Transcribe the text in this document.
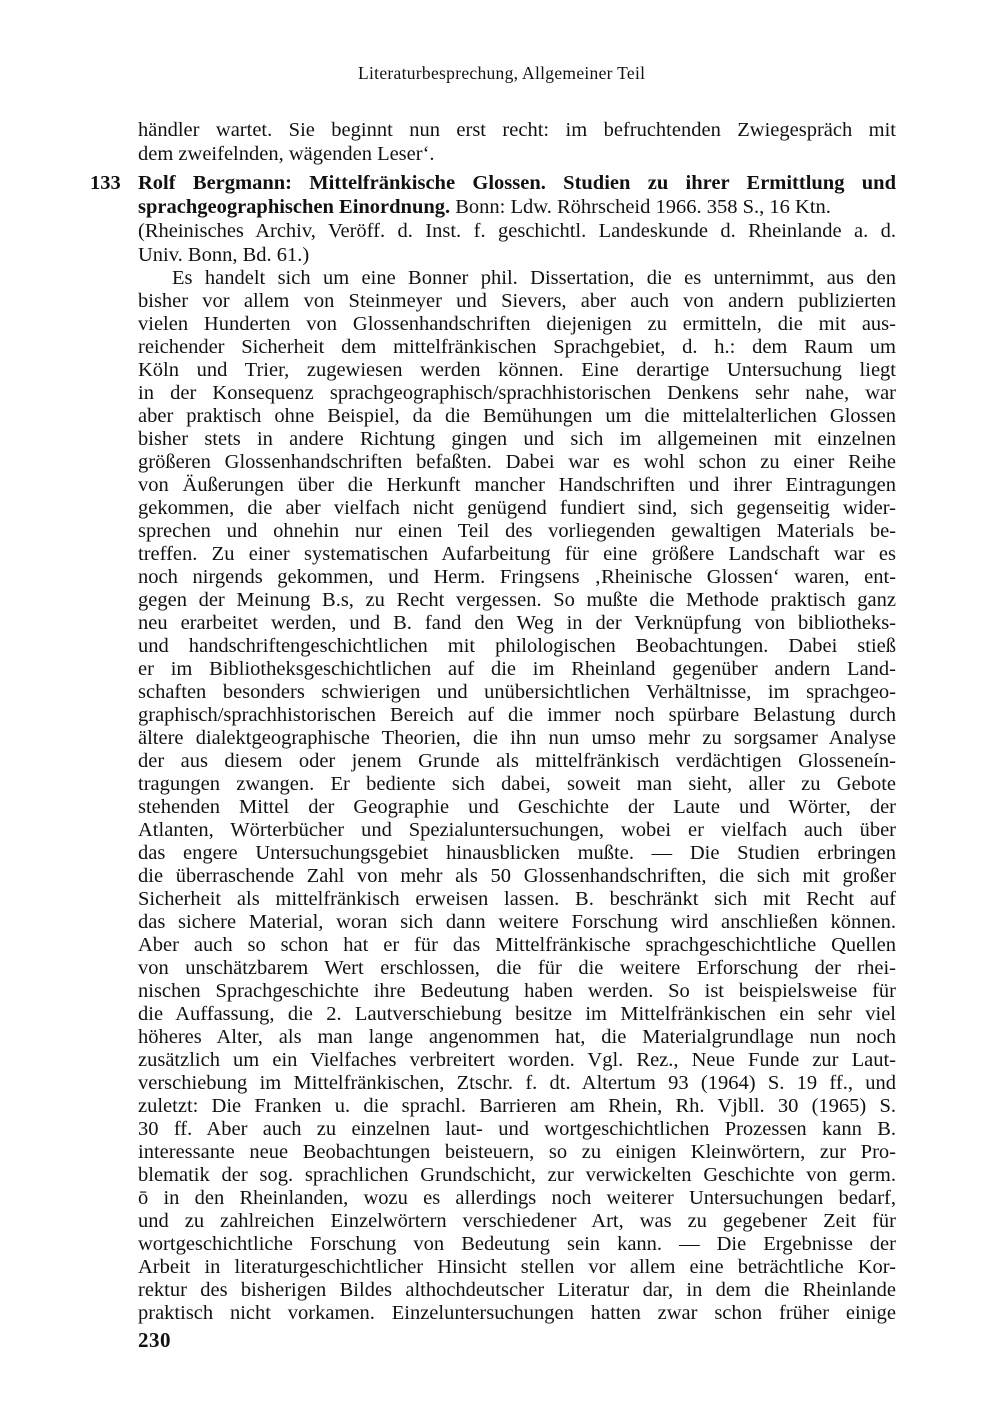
Literaturbesprechung, Allgemeiner Teil
händler wartet. Sie beginnt nun erst recht: im befruchtenden Zwiegespräch mit
dem zweifelnden, wägenden Leser‘.
133 Rolf Bergmann: Mittelfränkische Glossen. Studien zu ihrer Ermittlung und
sprachgeographischen Einordnung. Bonn: Ldw. Röhrscheid 1966. 358 S., 16 Ktn.
(Rheinisches Archiv, Veröff. d. Inst. f. geschichtl. Landeskunde d. Rheinlande a. d.
Univ. Bonn, Bd. 61.)
Es handelt sich um eine Bonner phil. Dissertation, die es unternimmt, aus den
bisher vor allem von Steinmeyer und Sievers, aber auch von andern publizierten
vielen Hunderten von Glossenhandschriften diejenigen zu ermitteln, die mit aus-
reichender Sicherheit dem mittelfränkischen Sprachgebiet, d. h.: dem Raum um
Köln und Trier, zugewiesen werden können. Eine derartige Untersuchung liegt
in der Konsequenz sprachgeographisch/sprachhistorischen Denkens sehr nahe, war
aber praktisch ohne Beispiel, da die Bemühungen um die mittelalterlichen Glossen
bisher stets in andere Richtung gingen und sich im allgemeinen mit einzelnen
größeren Glossenhandschriften befaßten. Dabei war es wohl schon zu einer Reihe
von Äußerungen über die Herkunft mancher Handschriften und ihrer Eintragungen
gekommen, die aber vielfach nicht genügend fundiert sind, sich gegenseitig wider-
sprechen und ohnehin nur einen Teil des vorliegenden gewaltigen Materials be-
treffen. Zu einer systematischen Aufarbeitung für eine größere Landschaft war es
noch nirgends gekommen, und Herm. Fringsens ‚Rheinische Glossen‘ waren, ent-
gegen der Meinung B.s, zu Recht vergessen. So mußte die Methode praktisch ganz
neu erarbeitet werden, und B. fand den Weg in der Verknüpfung von bibliotheks-
und handschriftengeschichtlichen mit philologischen Beobachtungen. Dabei stieß
er im Bibliotheksgeschichtlichen auf die im Rheinland gegenüber andern Land-
schaften besonders schwierigen und unübersichtlichen Verhältnisse, im sprachgeo-
graphisch/sprachhistorischen Bereich auf die immer noch spürbare Belastung durch
ältere dialektgeographische Theorien, die ihn nun umso mehr zu sorgsamer Analyse
der aus diesem oder jenem Grunde als mittelfränkisch verdächtigen Glosseneín-
tragungen zwangen. Er bediente sich dabei, soweit man sieht, aller zu Gebote
stehenden Mittel der Geographie und Geschichte der Laute und Wörter, der
Atlanten, Wörterbücher und Spezialuntersuchungen, wobei er vielfach auch über
das engere Untersuchungsgebiet hinausblicken mußte. — Die Studien erbringen
die überraschende Zahl von mehr als 50 Glossenhandschriften, die sich mit großer
Sicherheit als mittelfränkisch erweisen lassen. B. beschränkt sich mit Recht auf
das sichere Material, woran sich dann weitere Forschung wird anschließen können.
Aber auch so schon hat er für das Mittelfränkische sprachgeschichtliche Quellen
von unschätzbarem Wert erschlossen, die für die weitere Erforschung der rhei-
nischen Sprachgeschichte ihre Bedeutung haben werden. So ist beispielsweise für
die Auffassung, die 2. Lautverschiebung besitze im Mittelfränkischen ein sehr viel
höheres Alter, als man lange angenommen hat, die Materialgrundlage nun noch
zusätzlich um ein Vielfaches verbreitert worden. Vgl. Rez., Neue Funde zur Laut-
verschiebung im Mittelfränkischen, Ztschr. f. dt. Altertum 93 (1964) S. 19 ff., und
zuletzt: Die Franken u. die sprachl. Barrieren am Rhein, Rh. Vjbll. 30 (1965) S.
30 ff. Aber auch zu einzelnen laut- und wortgeschichtlichen Prozessen kann B.
interessante neue Beobachtungen beisteuern, so zu einigen Kleinwörtern, zur Pro-
blematik der sog. sprachlichen Grundschicht, zur verwickelten Geschichte von germ.
ō in den Rheinlanden, wozu es allerdings noch weiterer Untersuchungen bedarf,
und zu zahlreichen Einzelwörtern verschiedener Art, was zu gegebener Zeit für
wortgeschichtliche Forschung von Bedeutung sein kann. — Die Ergebnisse der
Arbeit in literaturgeschichtlicher Hinsicht stellen vor allem eine beträchtliche Kor-
rektur des bisherigen Bildes althochdeutscher Literatur dar, in dem die Rheinlande
praktisch nicht vorkamen. Einzeluntersuchungen hatten zwar schon früher einige
230
